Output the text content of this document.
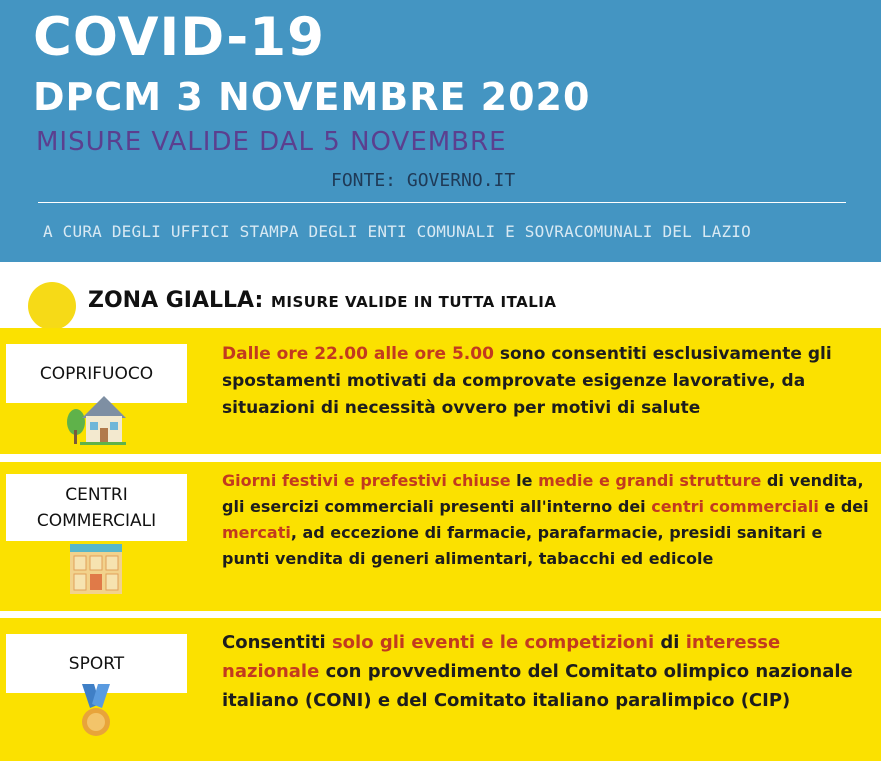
COVID-19
DPCM 3 NOVEMBRE 2020
MISURE VALIDE DAL 5 NOVEMBRE
FONTE: GOVERNO.IT
A CURA DEGLI UFFICI STAMPA DEGLI ENTI COMUNALI E SOVRACOMUNALI DEL LAZIO
ZONA GIALLA: MISURE VALIDE IN TUTTA ITALIA
COPRIFUOCO
Dalle ore 22.00 alle ore 5.00 sono consentiti esclusivamente gli spostamenti motivati da comprovate esigenze lavorative, da situazioni di necessità ovvero per motivi di salute
CENTRI
COMMERCIALI
Giorni festivi e prefestivi chiuse le medie e grandi strutture di vendita, gli esercizi commerciali presenti all'interno dei centri commerciali e dei mercati, ad eccezione di farmacie, parafarmacie, presidi sanitari e punti vendita di generi alimentari, tabacchi ed edicole
SPORT
Consentiti solo gli eventi e le competizioni di interesse nazionale con provvedimento del Comitato olimpico nazionale italiano (CONI) e del Comitato italiano paralimpico (CIP)
